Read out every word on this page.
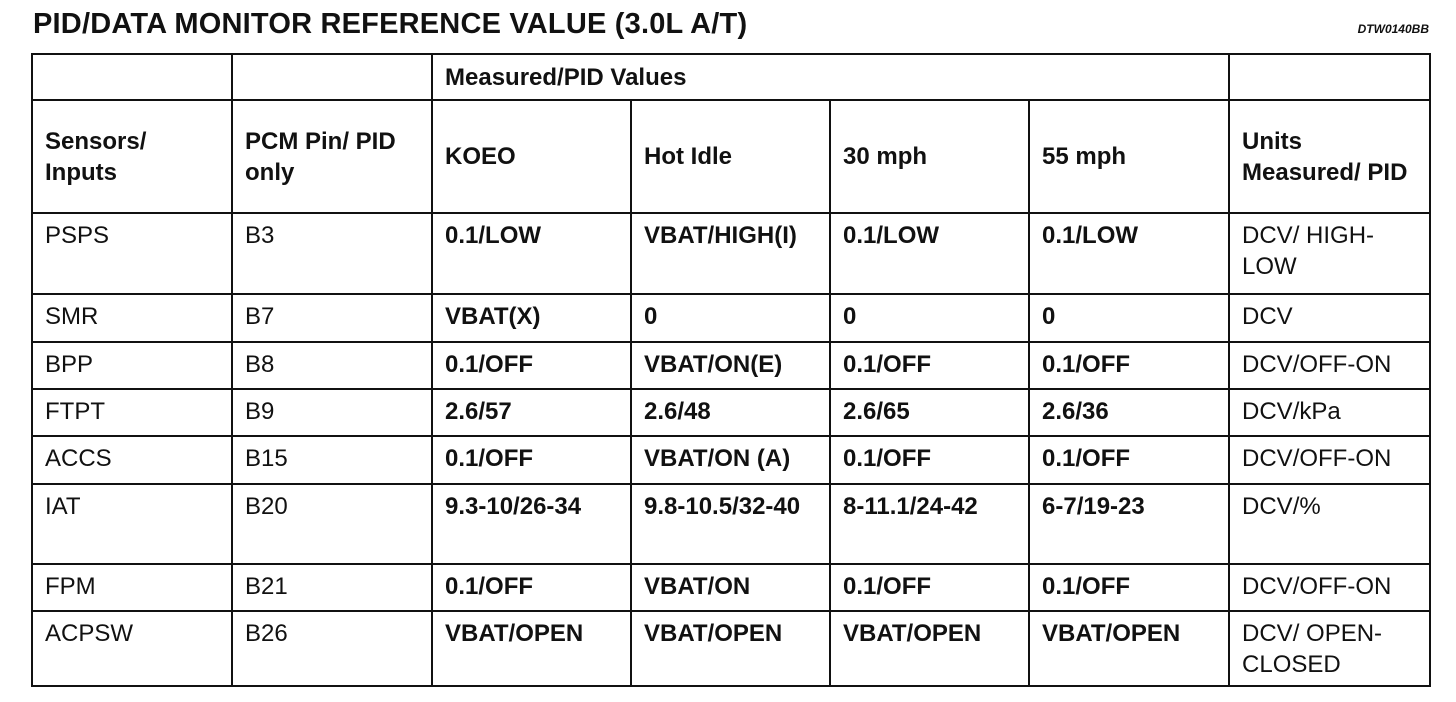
PID/DATA MONITOR REFERENCE VALUE (3.0L A/T)	DTW0140BB
		Measured/PID Values				
Sensors/ Inputs	PCM Pin/ PID only	KOEO	Hot Idle	30 mph	55 mph	Units Measured/ PID
PSPS	B3	0.1/LOW	VBAT/HIGH(I)	0.1/LOW	0.1/LOW	DCV/ HIGH-LOW
SMR	B7	VBAT(X)	0	0	0	DCV
BPP	B8	0.1/OFF	VBAT/ON(E)	0.1/OFF	0.1/OFF	DCV/OFF-ON
FTPT	B9	2.6/57	2.6/48	2.6/65	2.6/36	DCV/kPa
ACCS	B15	0.1/OFF	VBAT/ON (A)	0.1/OFF	0.1/OFF	DCV/OFF-ON
IAT	B20	9.3-10/26-34	9.8-10.5/32-40	8-11.1/24-42	6-7/19-23	DCV/%
FPM	B21	0.1/OFF	VBAT/ON	0.1/OFF	0.1/OFF	DCV/OFF-ON
ACPSW	B26	VBAT/OPEN	VBAT/OPEN	VBAT/OPEN	VBAT/OPEN	DCV/ OPEN-CLOSED
